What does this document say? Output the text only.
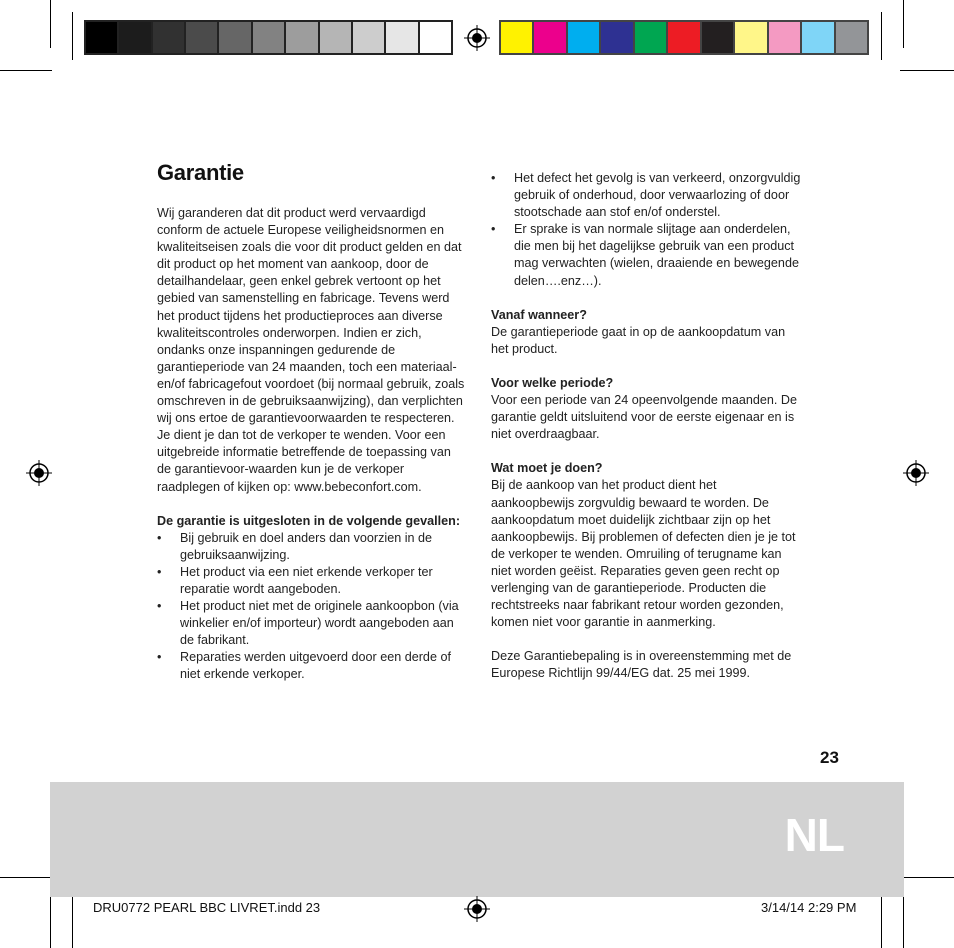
Garantie

Wij garanderen dat dit product werd vervaardigd conform de actuele Europese veiligheidsnormen en kwaliteitseisen zoals die voor dit product gelden en dat dit product op het moment van aankoop, door de detailhandelaar, geen enkel gebrek vertoont op het gebied van samenstelling en fabricage. Tevens werd het product tijdens het productieproces aan diverse kwaliteitscontroles onderworpen. Indien er zich, ondanks onze inspanningen gedurende de garantieperiode van 24 maanden, toch een materiaal- en/of fabricagefout voordoet (bij normaal gebruik, zoals omschreven in de gebruiksaanwijzing), dan verplichten wij ons ertoe de garantievoorwaarden te respecteren. Je dient je dan tot de verkoper te wenden. Voor een uitgebreide informatie betreffende de toepassing van de garantievoor-waarden kun je de verkoper raadplegen of kijken op: www.bebeconfort.com.

De garantie is uitgesloten in de volgende gevallen:

• Bij gebruik en doel anders dan voorzien in de gebruiksaanwijzing.
• Het product via een niet erkende verkoper ter reparatie wordt aangeboden.
• Het product niet met de originele aankoopbon (via winkelier en/of importeur) wordt aangeboden aan de fabrikant.
• Reparaties werden uitgevoerd door een derde of niet erkende verkoper.
• Het defect het gevolg is van verkeerd, onzorgvuldig gebruik of onderhoud, door verwaarlozing of door stootschade aan stof en/of onderstel.
• Er sprake is van normale slijtage aan onderdelen, die men bij het dagelijkse gebruik van een product mag verwachten (wielen, draaiende en bewegende delen….enz…).

Vanaf wanneer?

De garantieperiode gaat in op de aankoopdatum van het product.

Voor welke periode?

Voor een periode van 24 opeenvolgende maanden. De garantie geldt uitsluitend voor de eerste eigenaar en is niet overdraagbaar.

Wat moet je doen?

Bij de aankoop van het product dient het aankoopbewijs zorgvuldig bewaard te worden. De aankoopdatum moet duidelijk zichtbaar zijn op het aankoopbewijs. Bij problemen of defecten dien je je tot de verkoper te wenden. Omruiling of terugname kan niet worden geëist. Reparaties geven geen recht op verlenging van de garantieperiode. Producten die rechtstreeks naar fabrikant retour worden gezonden, komen niet voor garantie in aanmerking.

Deze Garantiebepaling is in overeenstemming met de Europese Richtlijn 99/44/EG dat. 25 mei 1999.

23
NL
DRU0772 PEARL BBC LIVRET.indd 23	3/14/14 2:29 PM
